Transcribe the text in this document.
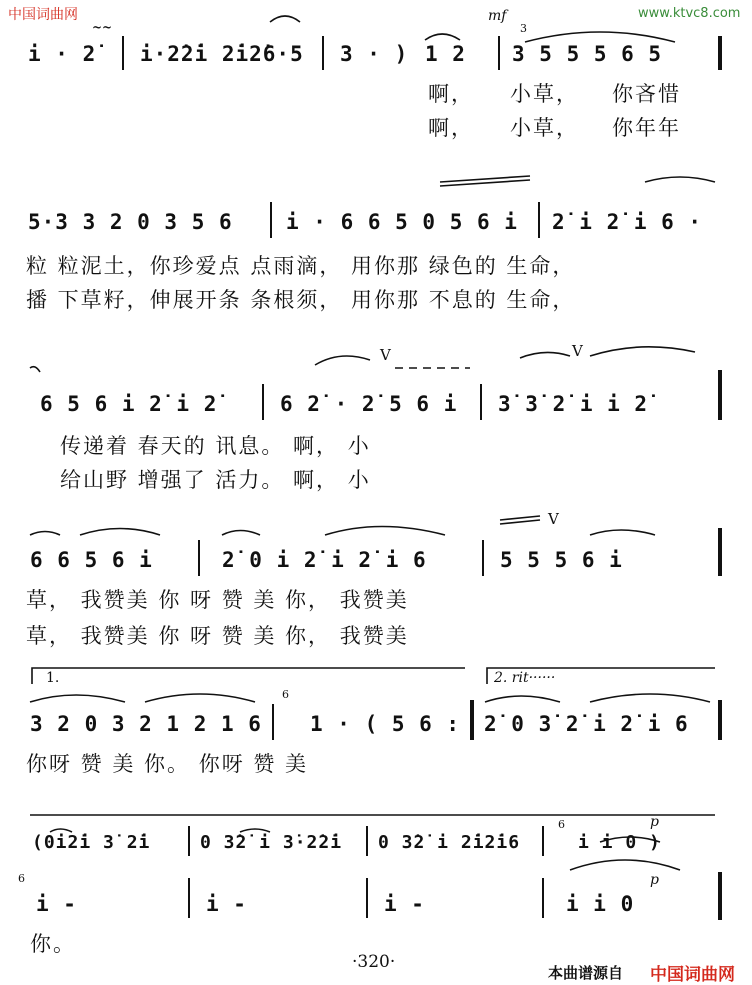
中国词曲网	www.ktvc8.com
mf
3
~~
i · 2̇ i·2̇2̇i 2̇i2̇6·5 3 · ) 1 2 3 5 5 5 6 5
啊， 小草， 你吝惜
啊， 小草， 你年年
5·3 3 2 0 3 5 6	i · 6 6 5 0 5 6 i 2̇ i 2̇ i 6 ·
粒 粒泥土，你珍爱点 点雨滴， 用你那 绿色的 生命，
播 下草籽，伸展开条 条根须， 用你那 不息的 生命，
V	V
6 5 6 i 2̇ i 2̇	6 2̇ · 2̇ 5 6 i 3̇ 3̇ 2̇ i i 2̇
传递着 春天的 讯息。 啊， 小
给山野 增强了 活力。 啊， 小
V
6 6 5 6 i	2̇ 0 i 2̇ i 2̇ i 6	5 5 5 6 i
草， 我赞美 你 呀 赞 美 你， 我赞美
草， 我赞美 你 呀 赞 美 你， 我赞美
1.	2. rit······
6
3 2 0 3 2 1 2 1 6 1 · ( 5 6 : 2̇ 0 3̇ 2̇ i 2̇ i 6
你呀 赞 美 你。 你呀 赞 美
6	p
(0i2̇i 3̇ 2̇i	0 3̇2̇ i 3̇·2̇2̇i 0 3̇2̇ i 2̇i2̇i6	i i 0 )
6	p
i -	i -	i -	i i 0
你。
·320·
本曲谱源自 中国词曲网
